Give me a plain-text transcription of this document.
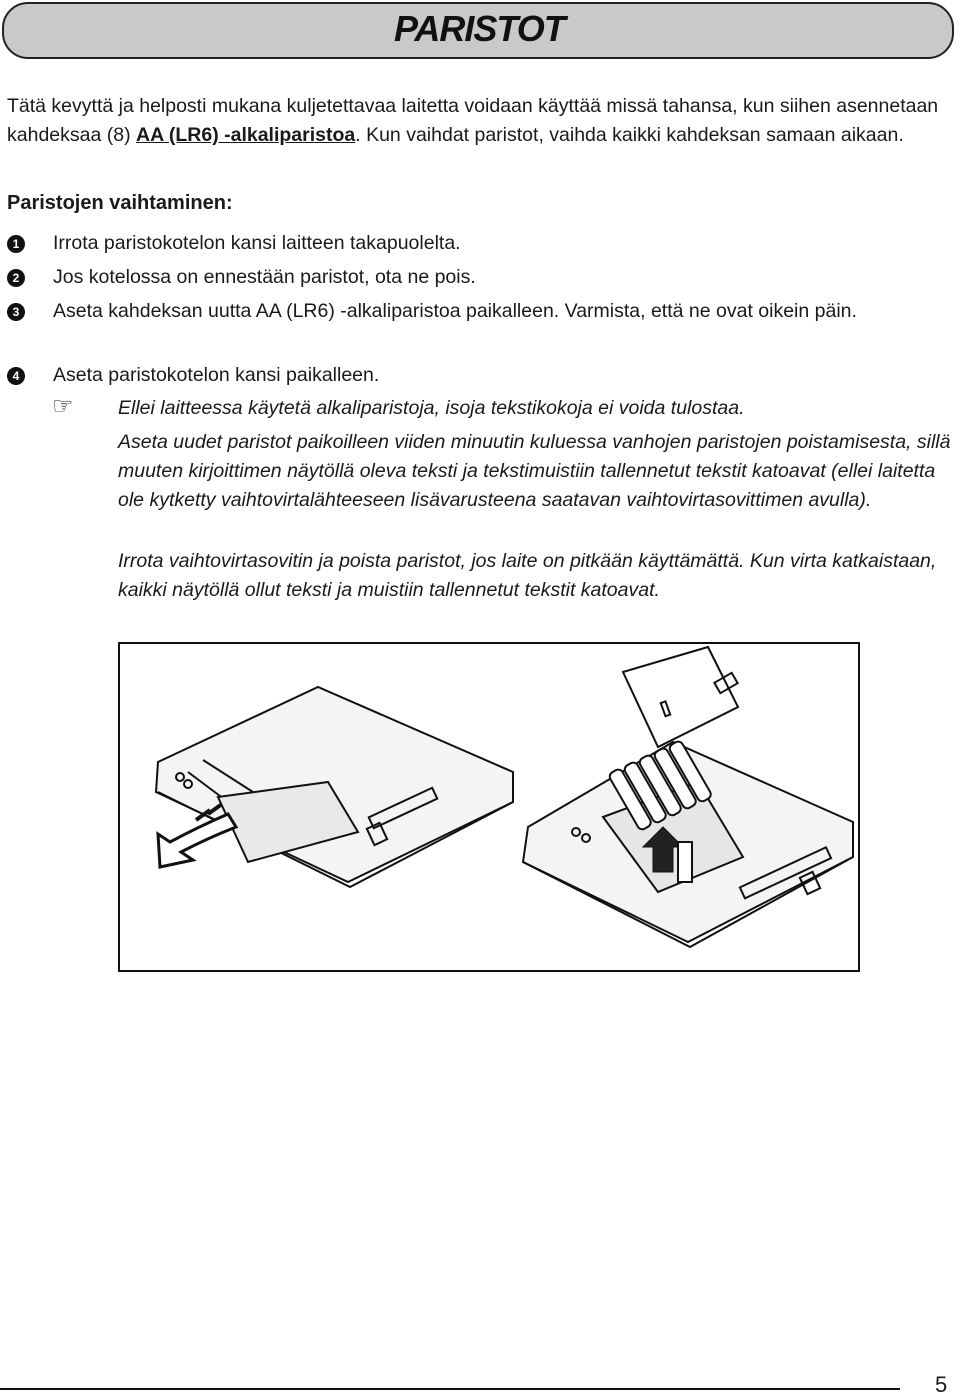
PARISTOT

Tätä kevyttä ja helposti mukana kuljetettavaa laitetta voidaan käyttää missä tahansa, kun siihen asennetaan kahdeksaa (8) AA (LR6) -alkaliparistoa. Kun vaihdat paristot, vaihda kaikki kahdeksan samaan aikaan.

Paristojen vaihtaminen:
1 Irrota paristokotelon kansi laitteen takapuolelta.
2 Jos kotelossa on ennestään paristot, ota ne pois.
3 Aseta kahdeksan uutta AA (LR6) -alkaliparistoa paikalleen. Varmista, että ne ovat oikein päin.
4 Aseta paristokotelon kansi paikalleen.
☞ Ellei laitteessa käytetä alkaliparistoja, isoja tekstikokoja ei voida tulostaa.

Aseta uudet paristot paikoilleen viiden minuutin kuluessa vanhojen paristojen poistamisesta, sillä muuten kirjoittimen näytöllä oleva teksti ja tekstimuistiin tallennetut tekstit katoavat (ellei laitetta ole kytketty vaihtovirtalähteeseen lisävarusteena saatavan vaihtovirtasovittimen avulla).

Irrota vaihtovirtasovitin ja poista paristot, jos laite on pitkään käyttämättä. Kun virta katkaistaan, kaikki näytöllä ollut teksti ja muistiin tallennetut tekstit katoavat.

5
